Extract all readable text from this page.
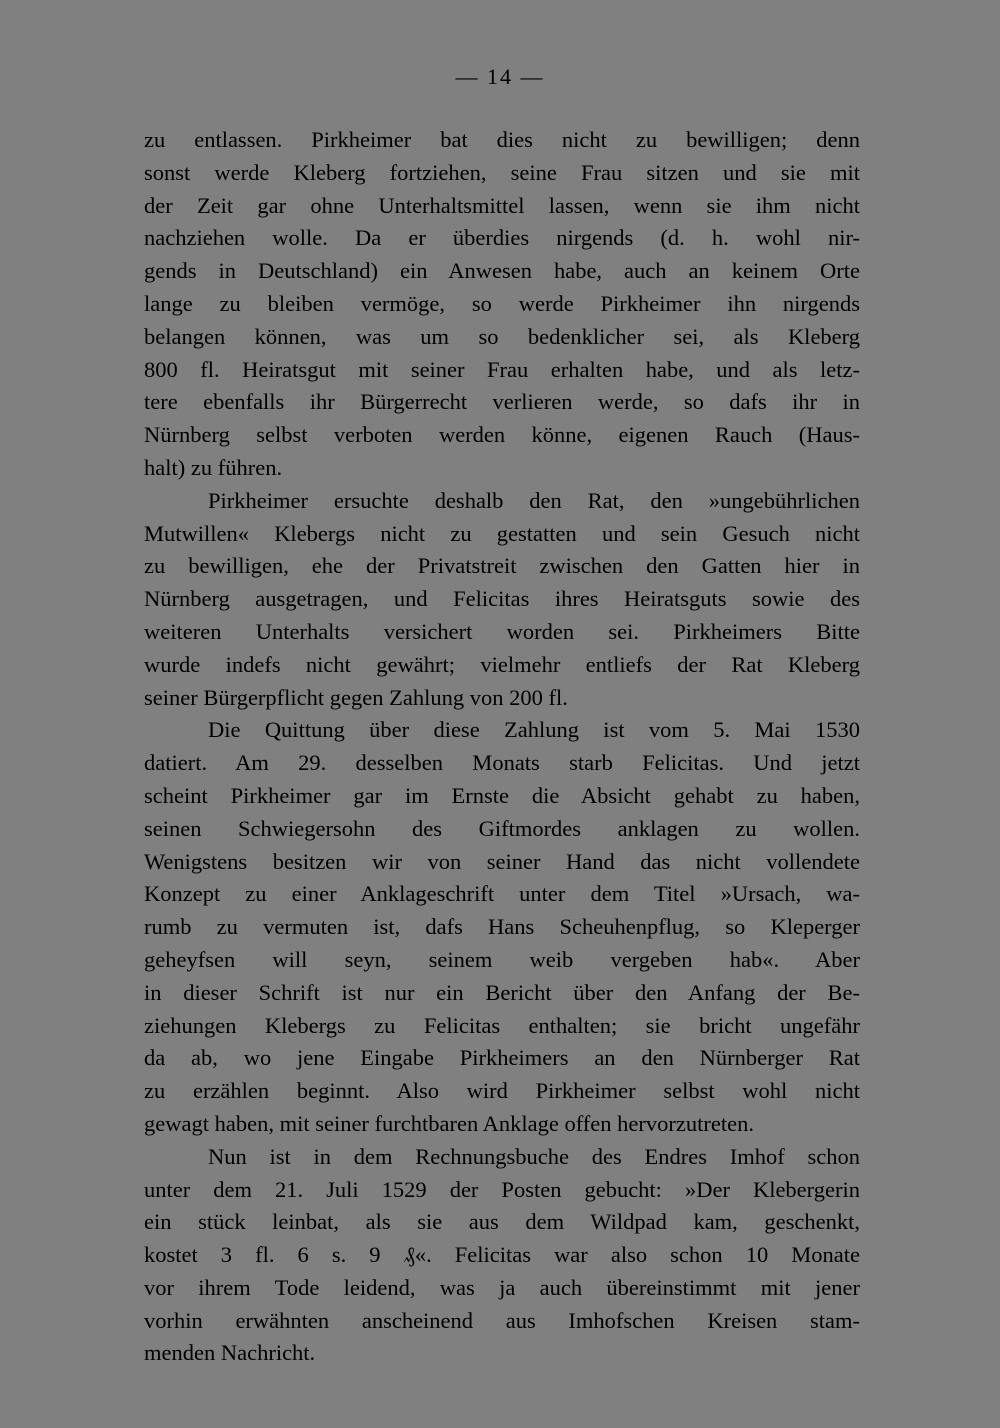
— 14 —
zu entlassen. Pirkheimer bat dies nicht zu bewilligen; denn
sonst werde Kleberg fortziehen, seine Frau sitzen und sie mit
der Zeit gar ohne Unterhaltsmittel lassen, wenn sie ihm nicht
nachziehen wolle. Da er überdies nirgends (d. h. wohl nir-
gends in Deutschland) ein Anwesen habe, auch an keinem Orte
lange zu bleiben vermöge, so werde Pirkheimer ihn nirgends
belangen können, was um so bedenklicher sei, als Kleberg
800 fl. Heiratsgut mit seiner Frau erhalten habe, und als letz-
tere ebenfalls ihr Bürgerrecht verlieren werde, so dafs ihr in
Nürnberg selbst verboten werden könne, eigenen Rauch (Haus-
halt) zu führen.
Pirkheimer ersuchte deshalb den Rat, den »ungebührlichen
Mutwillen« Klebergs nicht zu gestatten und sein Gesuch nicht
zu bewilligen, ehe der Privatstreit zwischen den Gatten hier in
Nürnberg ausgetragen, und Felicitas ihres Heiratsguts sowie des
weiteren Unterhalts versichert worden sei. Pirkheimers Bitte
wurde indefs nicht gewährt; vielmehr entliefs der Rat Kleberg
seiner Bürgerpflicht gegen Zahlung von 200 fl.
Die Quittung über diese Zahlung ist vom 5. Mai 1530
datiert. Am 29. desselben Monats starb Felicitas. Und jetzt
scheint Pirkheimer gar im Ernste die Absicht gehabt zu haben,
seinen Schwiegersohn des Giftmordes anklagen zu wollen.
Wenigstens besitzen wir von seiner Hand das nicht vollendete
Konzept zu einer Anklageschrift unter dem Titel »Ursach, wa-
rumb zu vermuten ist, dafs Hans Scheuhenpflug, so Kleperger
geheyfsen will seyn, seinem weib vergeben hab«. Aber
in dieser Schrift ist nur ein Bericht über den Anfang der Be-
ziehungen Klebergs zu Felicitas enthalten; sie bricht ungefähr
da ab, wo jene Eingabe Pirkheimers an den Nürnberger Rat
zu erzählen beginnt. Also wird Pirkheimer selbst wohl nicht
gewagt haben, mit seiner furchtbaren Anklage offen hervorzutreten.
Nun ist in dem Rechnungsbuche des Endres Imhof schon
unter dem 21. Juli 1529 der Posten gebucht: »Der Klebergerin
ein stück leinbat, als sie aus dem Wildpad kam, geschenkt,
kostet 3 fl. 6 s. 9 ₰«. Felicitas war also schon 10 Monate
vor ihrem Tode leidend, was ja auch übereinstimmt mit jener
vorhin erwähnten anscheinend aus Imhofschen Kreisen stam-
menden Nachricht.
